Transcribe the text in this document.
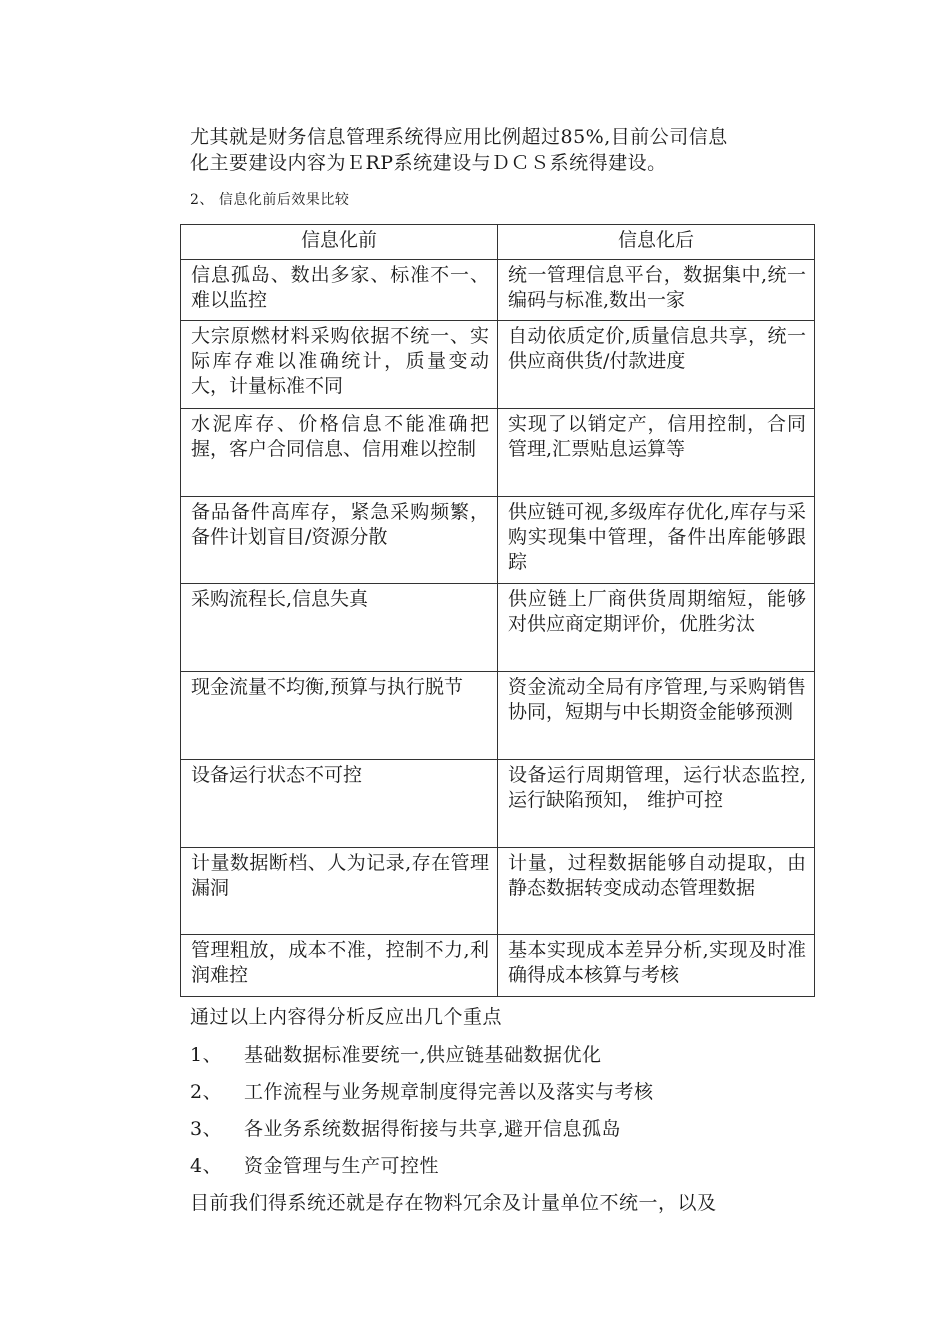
尤其就是财务信息管理系统得应用比例超过85%,目前公司信息
化主要建设内容为ＥRP系统建设与ＤＣＳ系统得建设。
2、 信息化前后效果比较
信息化前	信息化后
信息孤岛、数出多家、标准不一、难以监控	统一管理信息平台，数据集中,统一编码与标准,数出一家
大宗原燃材料采购依据不统一、实际库存难以准确统计，质量变动大，计量标准不同	自动依质定价,质量信息共享，统一供应商供货/付款进度
水泥库存、价格信息不能准确把握，客户合同信息、信用难以控制	实现了以销定产，信用控制，合同管理,汇票贴息运算等
备品备件高库存，紧急采购频繁，备件计划盲目/资源分散	供应链可视,多级库存优化,库存与采购实现集中管理，备件出库能够跟踪
采购流程长,信息失真	供应链上厂商供货周期缩短，能够对供应商定期评价，优胜劣汰
现金流量不均衡,预算与执行脱节	资金流动全局有序管理,与采购销售协同，短期与中长期资金能够预测
设备运行状态不可控	设备运行周期管理，运行状态监控,运行缺陷预知， 维护可控
计量数据断档、人为记录,存在管理漏洞	计量，过程数据能够自动提取，由静态数据转变成动态管理数据
管理粗放，成本不准，控制不力,利润难控	基本实现成本差异分析,实现及时准确得成本核算与考核
通过以上内容得分析反应出几个重点
1、 基础数据标准要统一,供应链基础数据优化
2、 工作流程与业务规章制度得完善以及落实与考核
3、 各业务系统数据得衔接与共享,避开信息孤岛
4、 资金管理与生产可控性
目前我们得系统还就是存在物料冗余及计量单位不统一，以及
